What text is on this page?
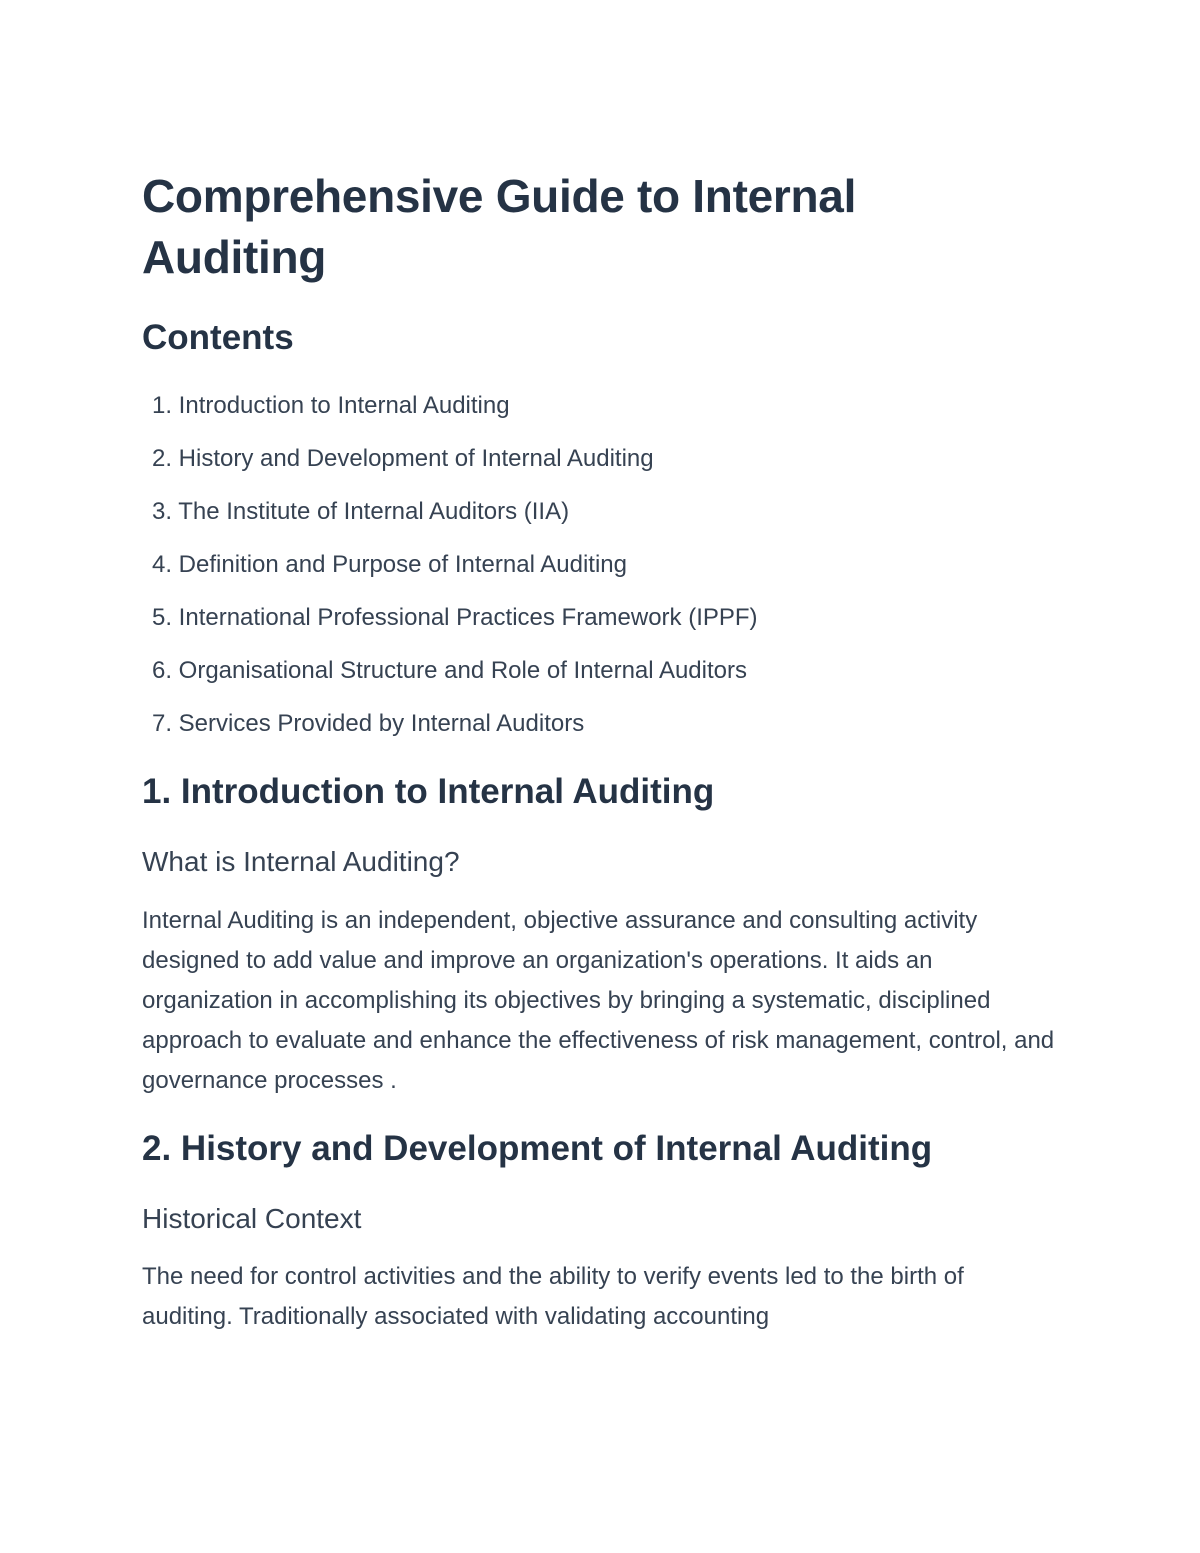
Comprehensive Guide to Internal Auditing
Contents
1. Introduction to Internal Auditing
2. History and Development of Internal Auditing
3. The Institute of Internal Auditors (IIA)
4. Definition and Purpose of Internal Auditing
5. International Professional Practices Framework (IPPF)
6. Organisational Structure and Role of Internal Auditors
7. Services Provided by Internal Auditors
1. Introduction to Internal Auditing
What is Internal Auditing?

Internal Auditing is an independent, objective assurance and consulting activity designed to add value and improve an organization's operations. It aids an organization in accomplishing its objectives by bringing a systematic, disciplined approach to evaluate and enhance the effectiveness of risk management, control, and governance processes .

2. History and Development of Internal Auditing
Historical Context

The need for control activities and the ability to verify events led to the birth of auditing. Traditionally associated with validating accounting
